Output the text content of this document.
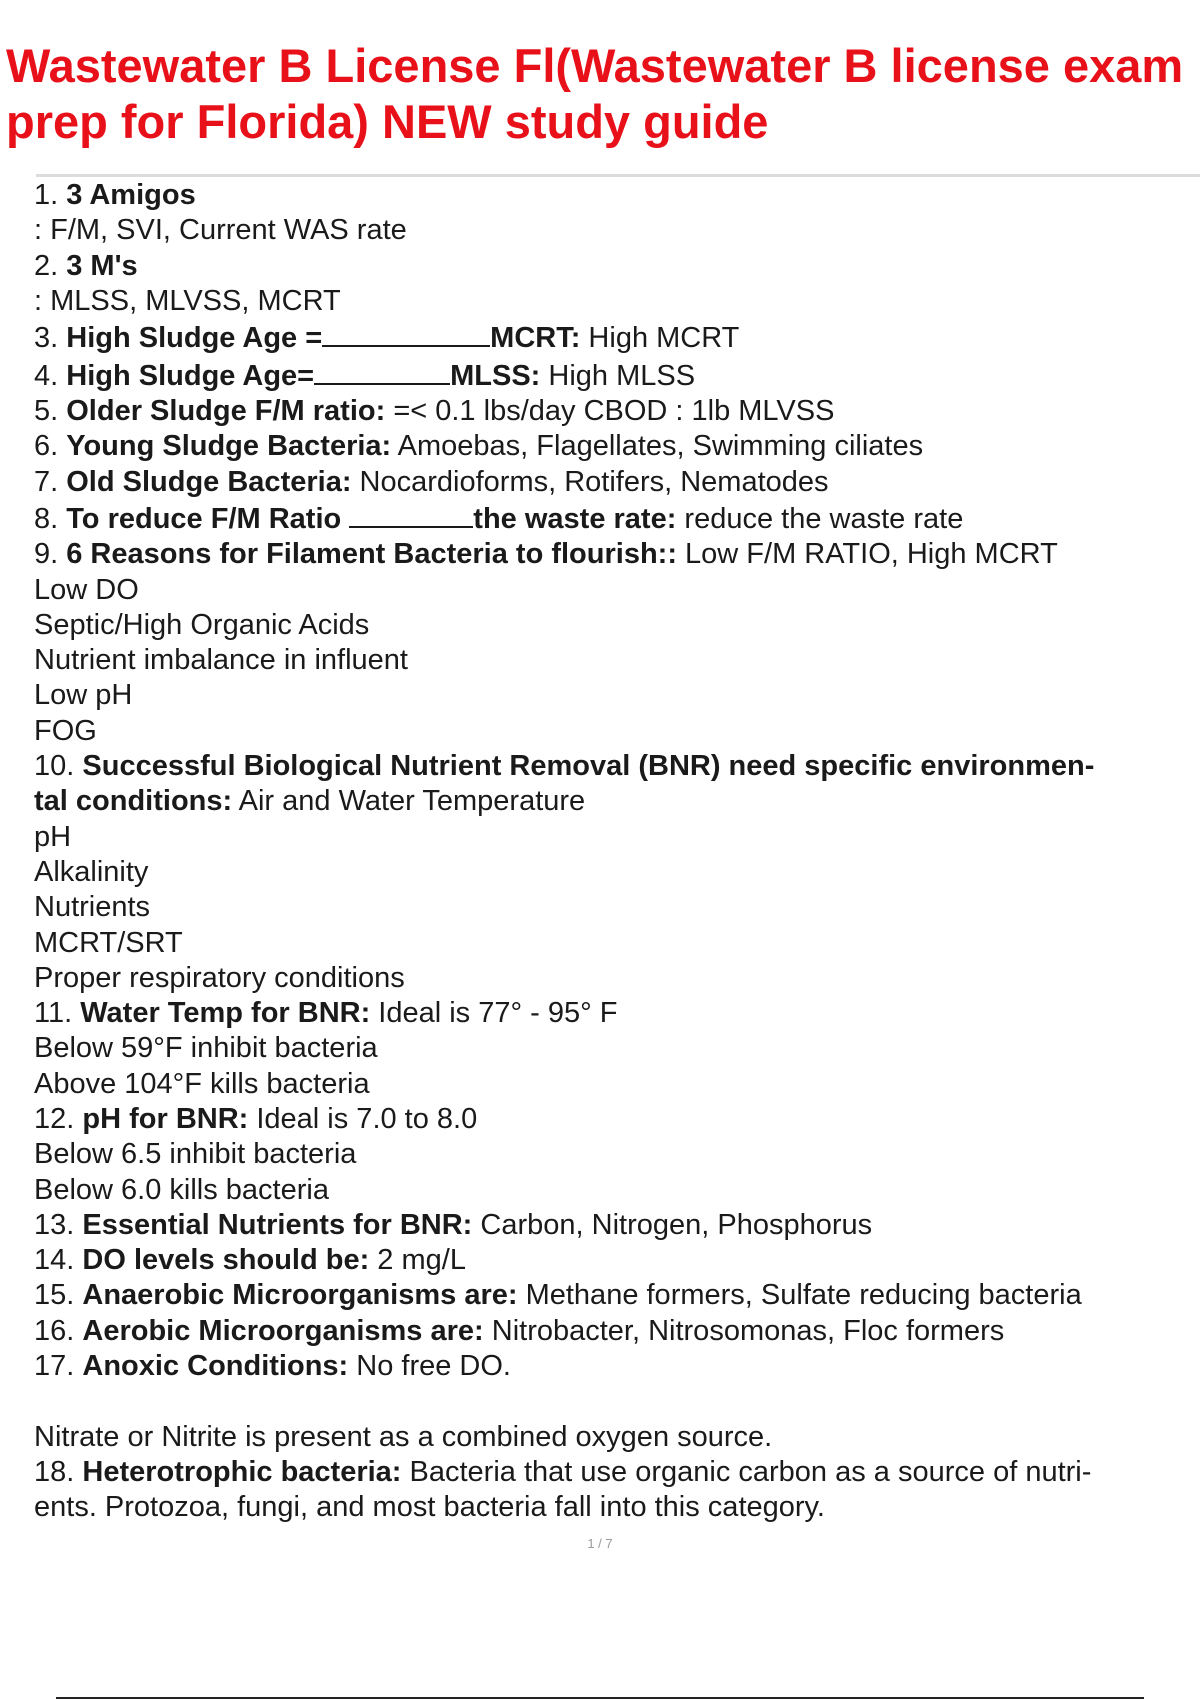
Wastewater B License Fl(Wastewater B license exam
prep for Florida) NEW study guide
1. 3 Amigos
: F/M, SVI, Current WAS rate
2. 3 M's
: MLSS, MLVSS, MCRT
3. High Sludge Age =	MCRT: High MCRT
4. High Sludge Age=	MLSS: High MLSS
5. Older Sludge F/M ratio: =< 0.1 lbs/day CBOD : 1lb MLVSS
6. Young Sludge Bacteria: Amoebas, Flagellates, Swimming ciliates
7. Old Sludge Bacteria: Nocardioforms, Rotifers, Nematodes
8. To reduce F/M Ratio	the waste rate: reduce the waste rate
9. 6 Reasons for Filament Bacteria to flourish:: Low F/M RATIO, High MCRT
Low DO
Septic/High Organic Acids
Nutrient imbalance in influent
Low pH
FOG
10. Successful Biological Nutrient Removal (BNR) need specific environmen-
tal conditions: Air and Water Temperature
pH
Alkalinity
Nutrients
MCRT/SRT
Proper respiratory conditions
11. Water Temp for BNR: Ideal is 77° - 95° F
Below 59°F inhibit bacteria
Above 104°F kills bacteria
12. pH for BNR: Ideal is 7.0 to 8.0
Below 6.5 inhibit bacteria
Below 6.0 kills bacteria
13. Essential Nutrients for BNR: Carbon, Nitrogen, Phosphorus
14. DO levels should be: 2 mg/L
15. Anaerobic Microorganisms are: Methane formers, Sulfate reducing bacteria
16. Aerobic Microorganisms are: Nitrobacter, Nitrosomonas, Floc formers
17. Anoxic Conditions: No free DO.
Nitrate or Nitrite is present as a combined oxygen source.
18. Heterotrophic bacteria: Bacteria that use organic carbon as a source of nutri-
ents. Protozoa, fungi, and most bacteria fall into this category.
1 / 7
